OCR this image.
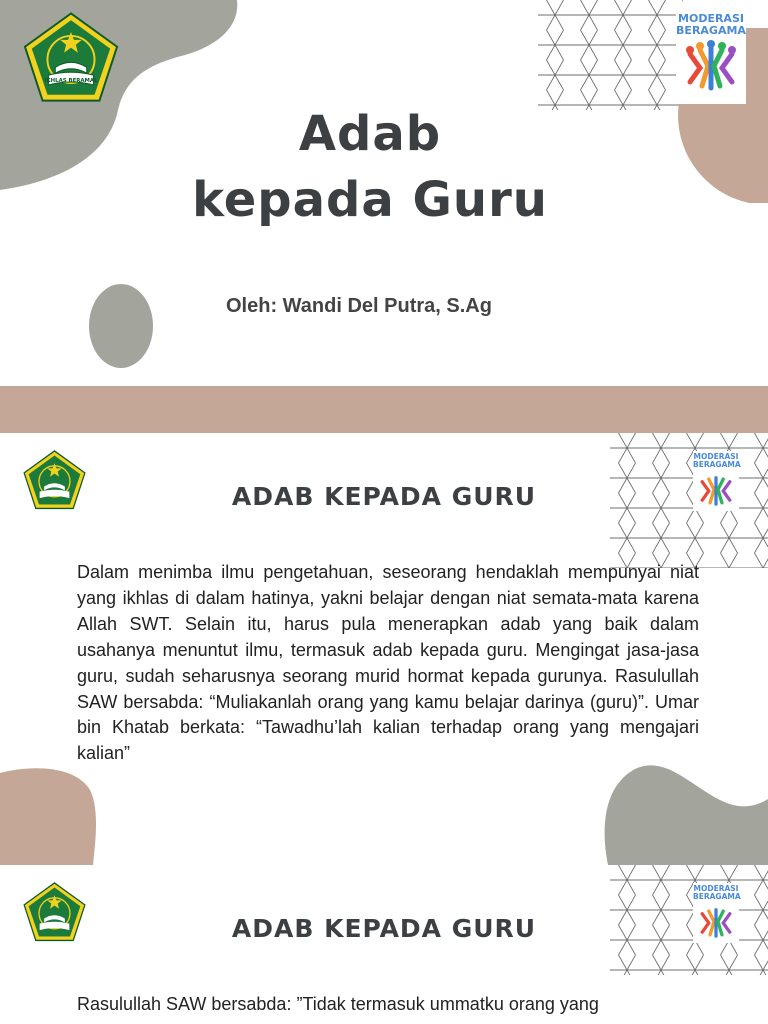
IKHLAS BERAMAL
MODERASI
BERAGAMA
Adab
kepada Guru
Oleh: Wandi Del Putra, S.Ag
MODERASI
BERAGAMA
ADAB KEPADA GURU
Dalam menimba ilmu pengetahuan, seseorang hendaklah mempunyai niat yang ikhlas di dalam hatinya, yakni belajar dengan niat semata-mata karena Allah SWT. Selain itu, harus pula menerapkan adab yang baik dalam usahanya menuntut ilmu, termasuk adab kepada guru. Mengingat jasa-jasa guru, sudah seharusnya seorang murid hormat kepada gurunya. Rasulullah SAW bersabda: “Muliakanlah orang yang kamu belajar darinya (guru)”. Umar bin Khatab berkata: “Tawadhu’lah kalian terhadap orang yang mengajari kalian”
MODERASI
BERAGAMA
ADAB KEPADA GURU
Rasulullah SAW bersabda: ”Tidak termasuk ummatku orang yang
